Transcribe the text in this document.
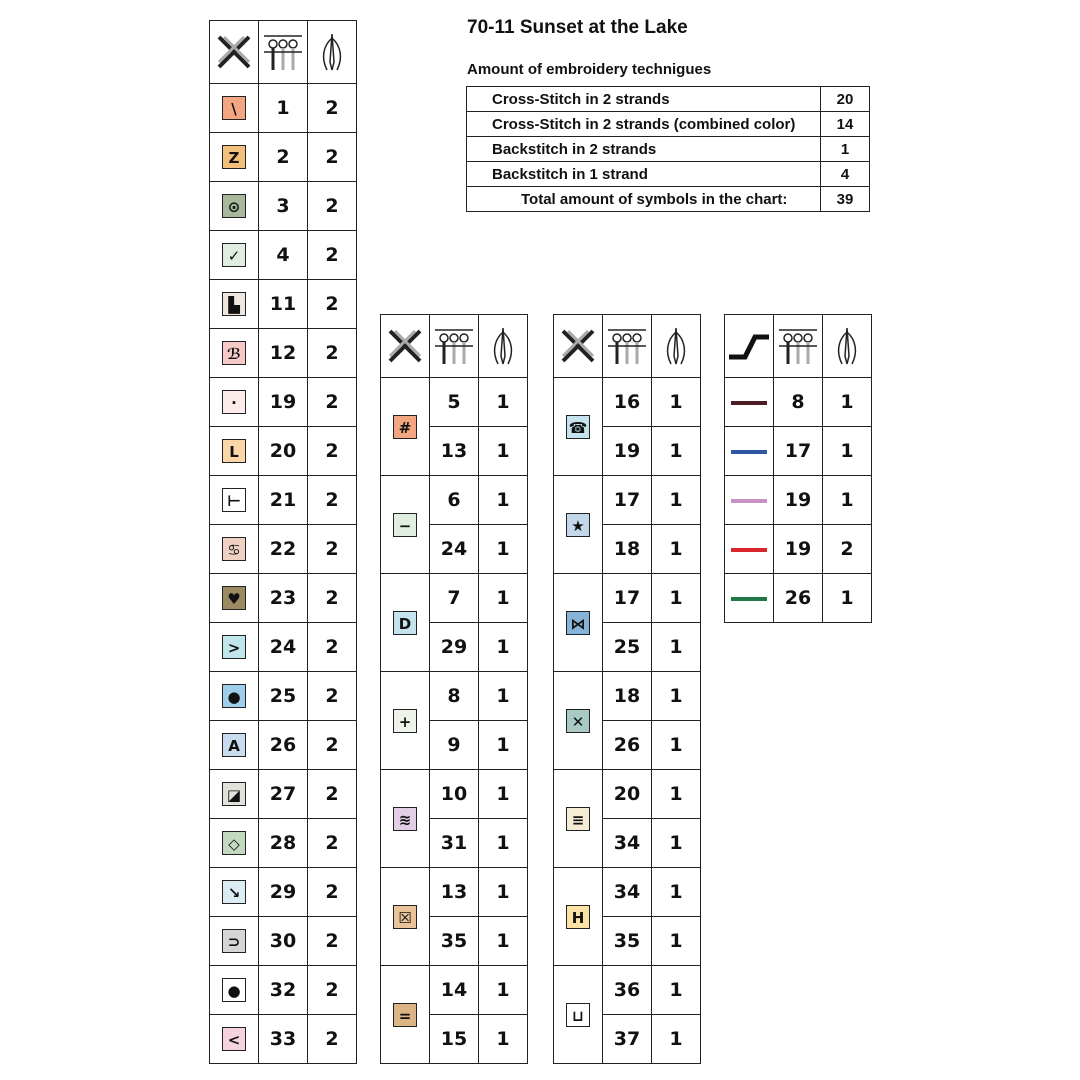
70-11 Sunset at the Lake
Amount of embroidery technigues
Cross-Stitch in 2 strands	20
Cross-Stitch in 2 strands (combined color)	14
Backstitch in 2 strands	1
Backstitch in 1 strand	4
Total amount of symbols in the chart:	39

\	1	2
Z	2	2
⊙	3	2
✓	4	2
▙	11	2
ℬ	12	2
·	19	2
L	20	2
⊢	21	2
♋	22	2
♥	23	2
>	24	2
●	25	2
A	26	2
◪	27	2
◇	28	2
↘	29	2
⊃	30	2
●	32	2
<	33	2

#	5	1
	13	1
−	6	1
	24	1
D	7	1
	29	1
+	8	1
	9	1
≋	10	1
	31	1
☒	13	1
	35	1
=	14	1
	15	1

☎	16	1
	19	1
★	17	1
	18	1
⋈	17	1
	25	1
✕	18	1
	26	1
≡	20	1
	34	1
H	34	1
	35	1
⊔	36	1
	37	1

	8	1
	17	1
	19	1
	19	2
	26	1
